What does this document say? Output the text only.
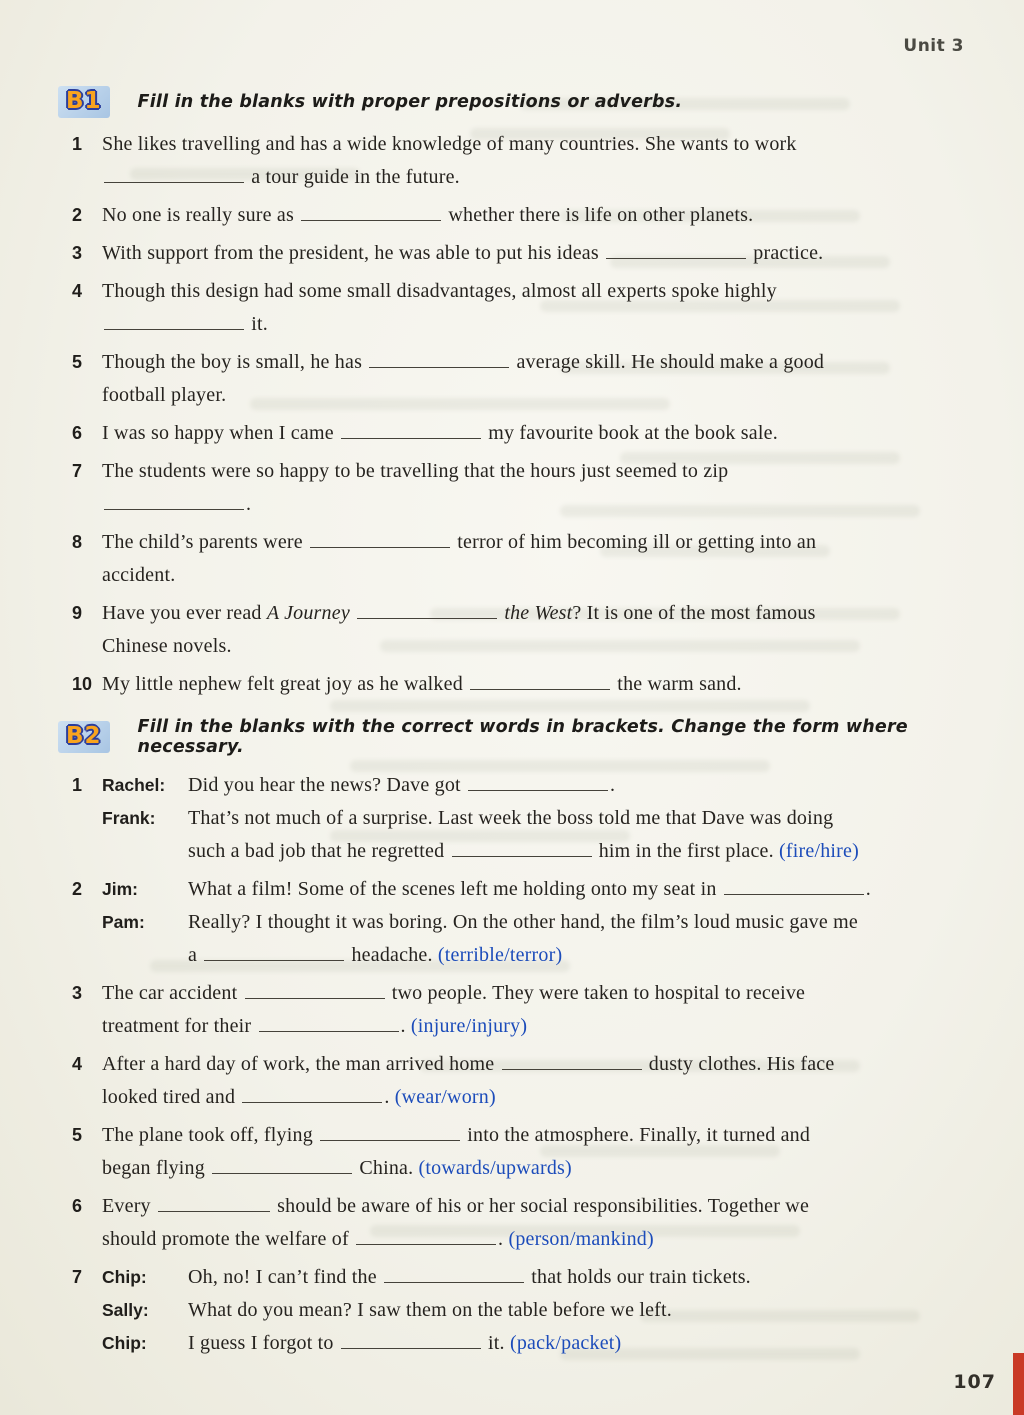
Unit 3
B1	Fill in the blanks with proper prepositions or adverbs.
1 She likes travelling and has a wide knowledge of many countries. She wants to work
a tour guide in the future.
2 No one is really sure as	whether there is life on other planets.
3 With support from the president, he was able to put his ideas	practice.
4 Though this design had some small disadvantages, almost all experts spoke highly
it.
5 Though the boy is small, he has	average skill. He should make a good
football player.
6 I was so happy when I came	my favourite book at the book sale.
7 The students were so happy to be travelling that the hours just seemed to zip
.
8 The child’s parents were	terror of him becoming ill or getting into an
accident.
9 Have you ever read A Journey	the West? It is one of the most famous
Chinese novels.
10 My little nephew felt great joy as he walked	the warm sand.
B2	Fill in the blanks with the correct words in brackets. Change the form where necessary.
1	Rachel:	Did you hear the news? Dave got	.
Frank:	That’s not much of a surprise. Last week the boss told me that Dave was doing
such a bad job that he regretted	him in the first place. (fire/hire)
2	Jim:	What a film! Some of the scenes left me holding onto my seat in	.
Pam:	Really? I thought it was boring. On the other hand, the film’s loud music gave me
a	headache. (terrible/terror)
3 The car accident	two people. They were taken to hospital to receive
treatment for their	. (injure/injury)
4 After a hard day of work, the man arrived home	dusty clothes. His face
looked tired and	. (wear/worn)
5 The plane took off, flying	into the atmosphere. Finally, it turned and
began flying	China. (towards/upwards)
6 Every	should be aware of his or her social responsibilities. Together we
should promote the welfare of	. (person/mankind)
7	Chip:	Oh, no! I can’t find the	that holds our train tickets.
Sally:	What do you mean? I saw them on the table before we left.
Chip:	I guess I forgot to	it. (pack/packet)
107
